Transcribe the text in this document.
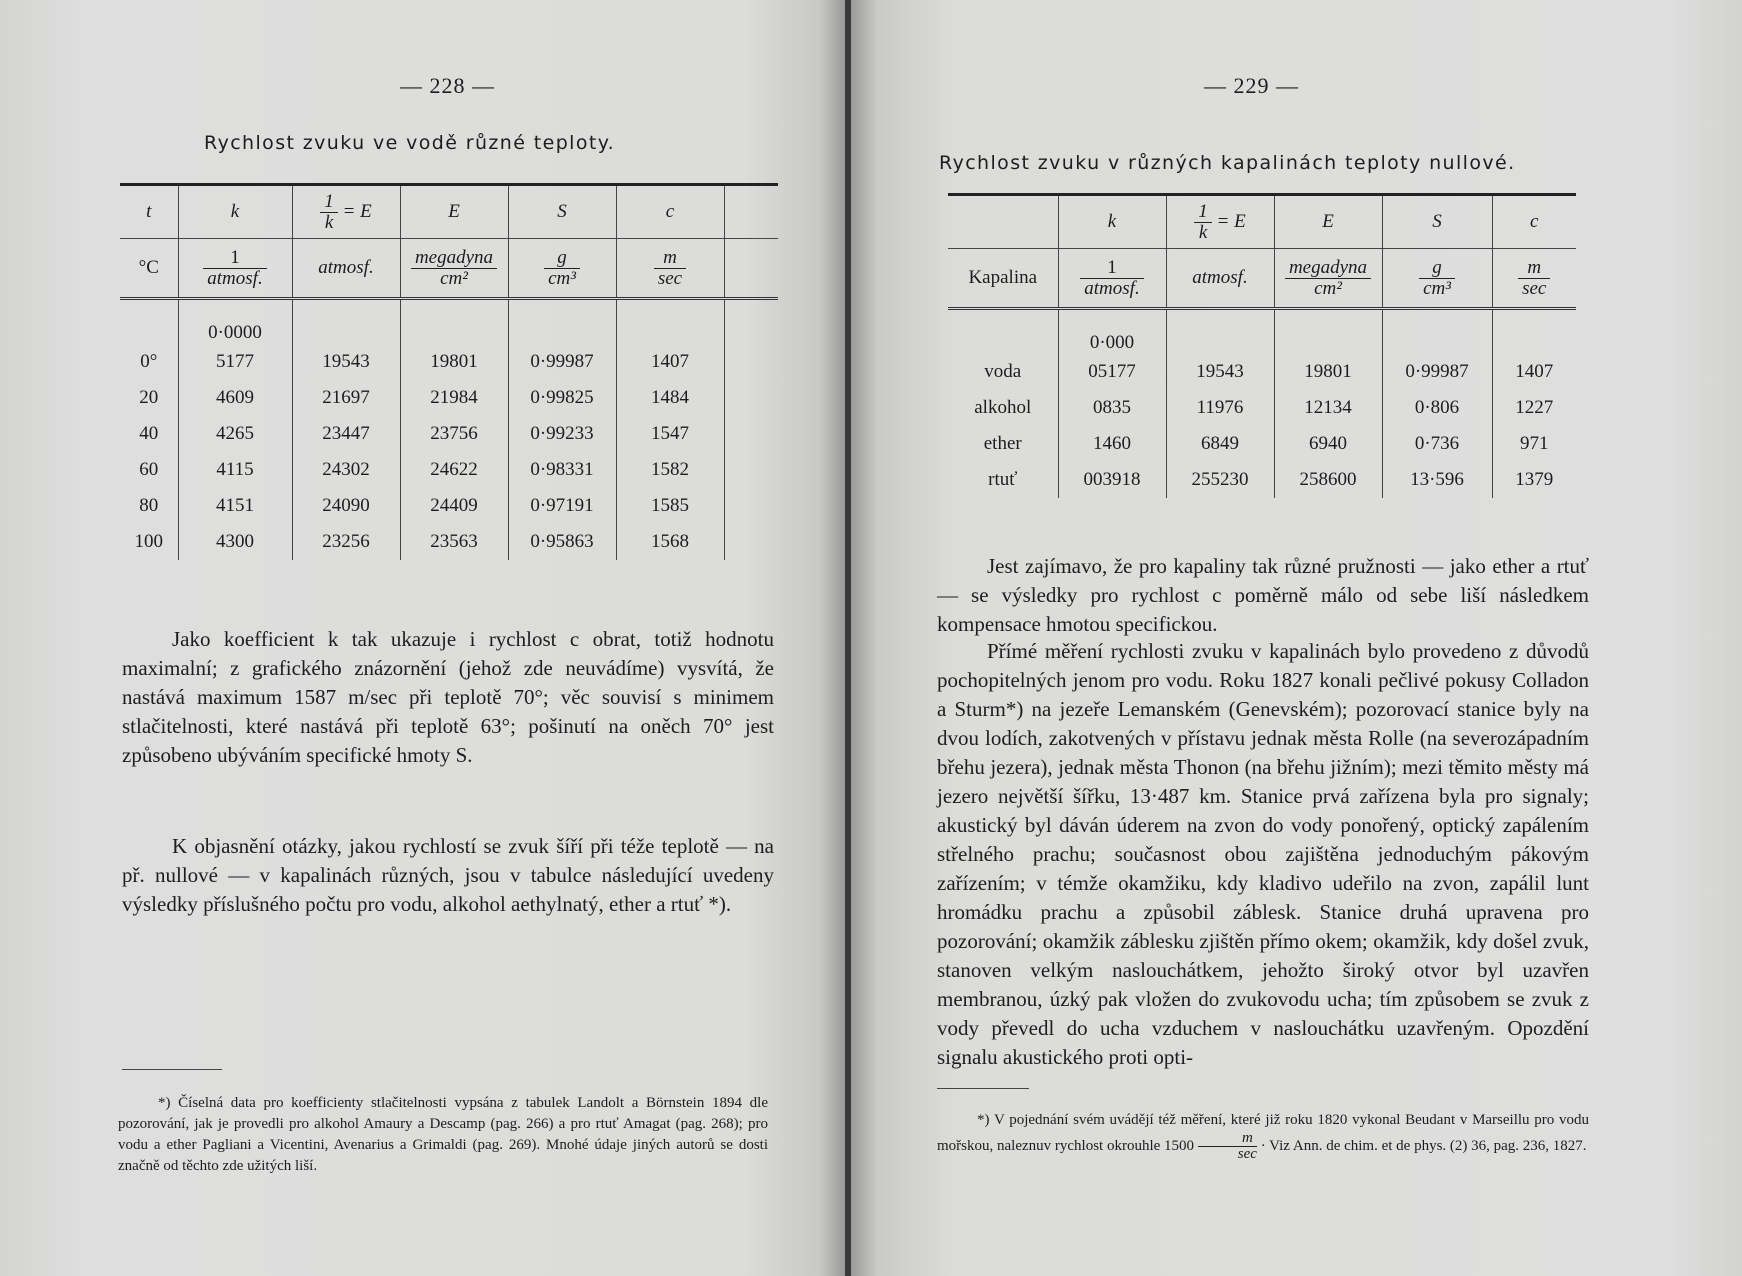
— 228 —
Rychlost zvuku ve vodě různé teploty.
t	k	$\frac{1}{k} = E$	E	S	c	
°C	$\frac{1}{\text{atmosf.}}$	atmosf.	$\frac{\text{megadyna}}{\text{cm²}}$	$\frac{g}{\text{cm³}}$	$\frac{m}{\sec}$

	0·0000					
0°	5177	19543	19801	0·99987	1407	
20	4609	21697	21984	0·99825	1484	
40	4265	23447	23756	0·99233	1547	
60	4115	24302	24622	0·98331	1582	
80	4151	24090	24409	0·97191	1585	
100	4300	23256	23563	0·95863	1568	

Jako koefficient k tak ukazuje i rychlost c obrat, totiž hodnotu maximalní; z grafického znázornění (jehož zde neuvádíme) vysvítá, že nastává maximum 1587 m/sec při teplotě 70°; věc souvisí s minimem stlačitelnosti, které nastává při teplotě 63°; pošinutí na oněch 70° jest způsobeno ubýváním specifické hmoty S.

K objasnění otázky, jakou rychlostí se zvuk šíří při téže teplotě — na př. nullové — v kapalinách různých, jsou v tabulce následující uvedeny výsledky příslušného počtu pro vodu, alkohol aethylnatý, ether a rtuť *).

*) Číselná data pro koefficienty stlačitelnosti vypsána z tabulek Landolt a Börnstein 1894 dle pozorování, jak je provedli pro alkohol Amaury a Descamp (pag. 266) a pro rtuť Amagat (pag. 268); pro vodu a ether Pagliani a Vicentini, Avenarius a Grimaldi (pag. 269). Mnohé údaje jiných autorů se dosti značně od těchto zde užitých liší.

— 229 —
Rychlost zvuku v různých kapalinách teploty nullové.
	k	$\frac{1}{k} = E$	E	S	c
Kapalina	$\frac{1}{\text{atmosf.}}$	atmosf.	$\frac{\text{megadyna}}{\text{cm²}}$	$\frac{g}{\text{cm³}}$	$\frac{m}{\sec}$

	0·000				
voda	05177	19543	19801	0·99987	1407
alkohol	0835	11976	12134	0·806	1227
ether	1460	6849	6940	0·736	971
rtuť	003918	255230	258600	13·596	1379

Jest zajímavo, že pro kapaliny tak různé pružnosti — jako ether a rtuť — se výsledky pro rychlost c poměrně málo od sebe liší následkem kompensace hmotou specifickou.

Přímé měření rychlosti zvuku v kapalinách bylo provedeno z důvodů pochopitelných jenom pro vodu. Roku 1827 konali pečlivé pokusy Colladon a Sturm*) na jezeře Lemanském (Genevském); pozorovací stanice byly na dvou lodích, zakotvených v přístavu jednak města Rolle (na severozápadním břehu jezera), jednak města Thonon (na břehu jižním); mezi těmito městy má jezero největší šířku, 13·487 km. Stanice prvá zařízena byla pro signaly; akustický byl dáván úderem na zvon do vody ponořený, optický zapálením střelného prachu; současnost obou zajištěna jednoduchým pákovým zařízením; v témže okamžiku, kdy kladivo udeřilo na zvon, zapálil lunt hromádku prachu a způsobil záblesk. Stanice druhá upravena pro pozorování; okamžik záblesku zjištěn přímo okem; okamžik, kdy došel zvuk, stanoven velkým naslouchátkem, jehožto široký otvor byl uzavřen membranou, úzký pak vložen do zvukovodu ucha; tím způsobem se zvuk z vody převedl do ucha vzduchem v naslouchátku uzavřeným. Opozdění signalu akustického proti opti-

*) V pojednání svém uvádějí též měření, které již roku 1820 vykonal Beudant v Marseillu pro vodu mořskou, naleznuv rychlost okrouhle 1500	m
sec
· Viz Ann. de chim. et de phys. (2) 36, pag. 236, 1827.
